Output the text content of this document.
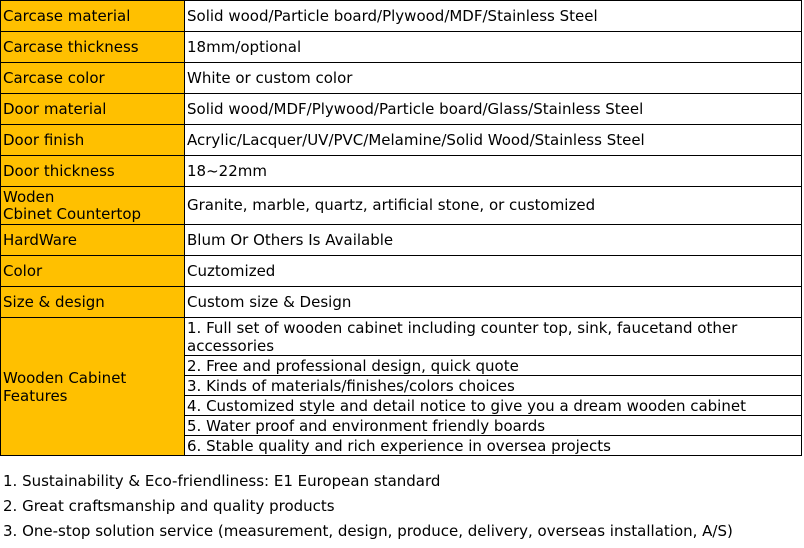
Carcase material	Solid wood/Particle board/Plywood/MDF/Stainless Steel
Carcase thickness	18mm/optional
Carcase color	White or custom color
Door material	Solid wood/MDF/Plywood/Particle board/Glass/Stainless Steel
Door finish	Acrylic/Lacquer/UV/PVC/Melamine/Solid Wood/Stainless Steel
Door thickness	18~22mm
Woden
Cbinet Countertop	Granite, marble, quartz, artificial stone, or customized
HardWare	Blum Or Others Is Available
Color	Cuztomized
Size & design	Custom size & Design
Wooden Cabinet
Features	1. Full set of wooden cabinet including counter top, sink, faucetand other accessories
	2. Free and professional design, quick quote
	3. Kinds of materials/finishes/colors choices
	4. Customized style and detail notice to give you a dream wooden cabinet
	5. Water proof and environment friendly boards
	6. Stable quality and rich experience in oversea projects
1. Sustainability & Eco-friendliness: E1 European standard
2. Great craftsmanship and quality products
3. One-stop solution service (measurement, design, produce, delivery, overseas installation, A/S)
